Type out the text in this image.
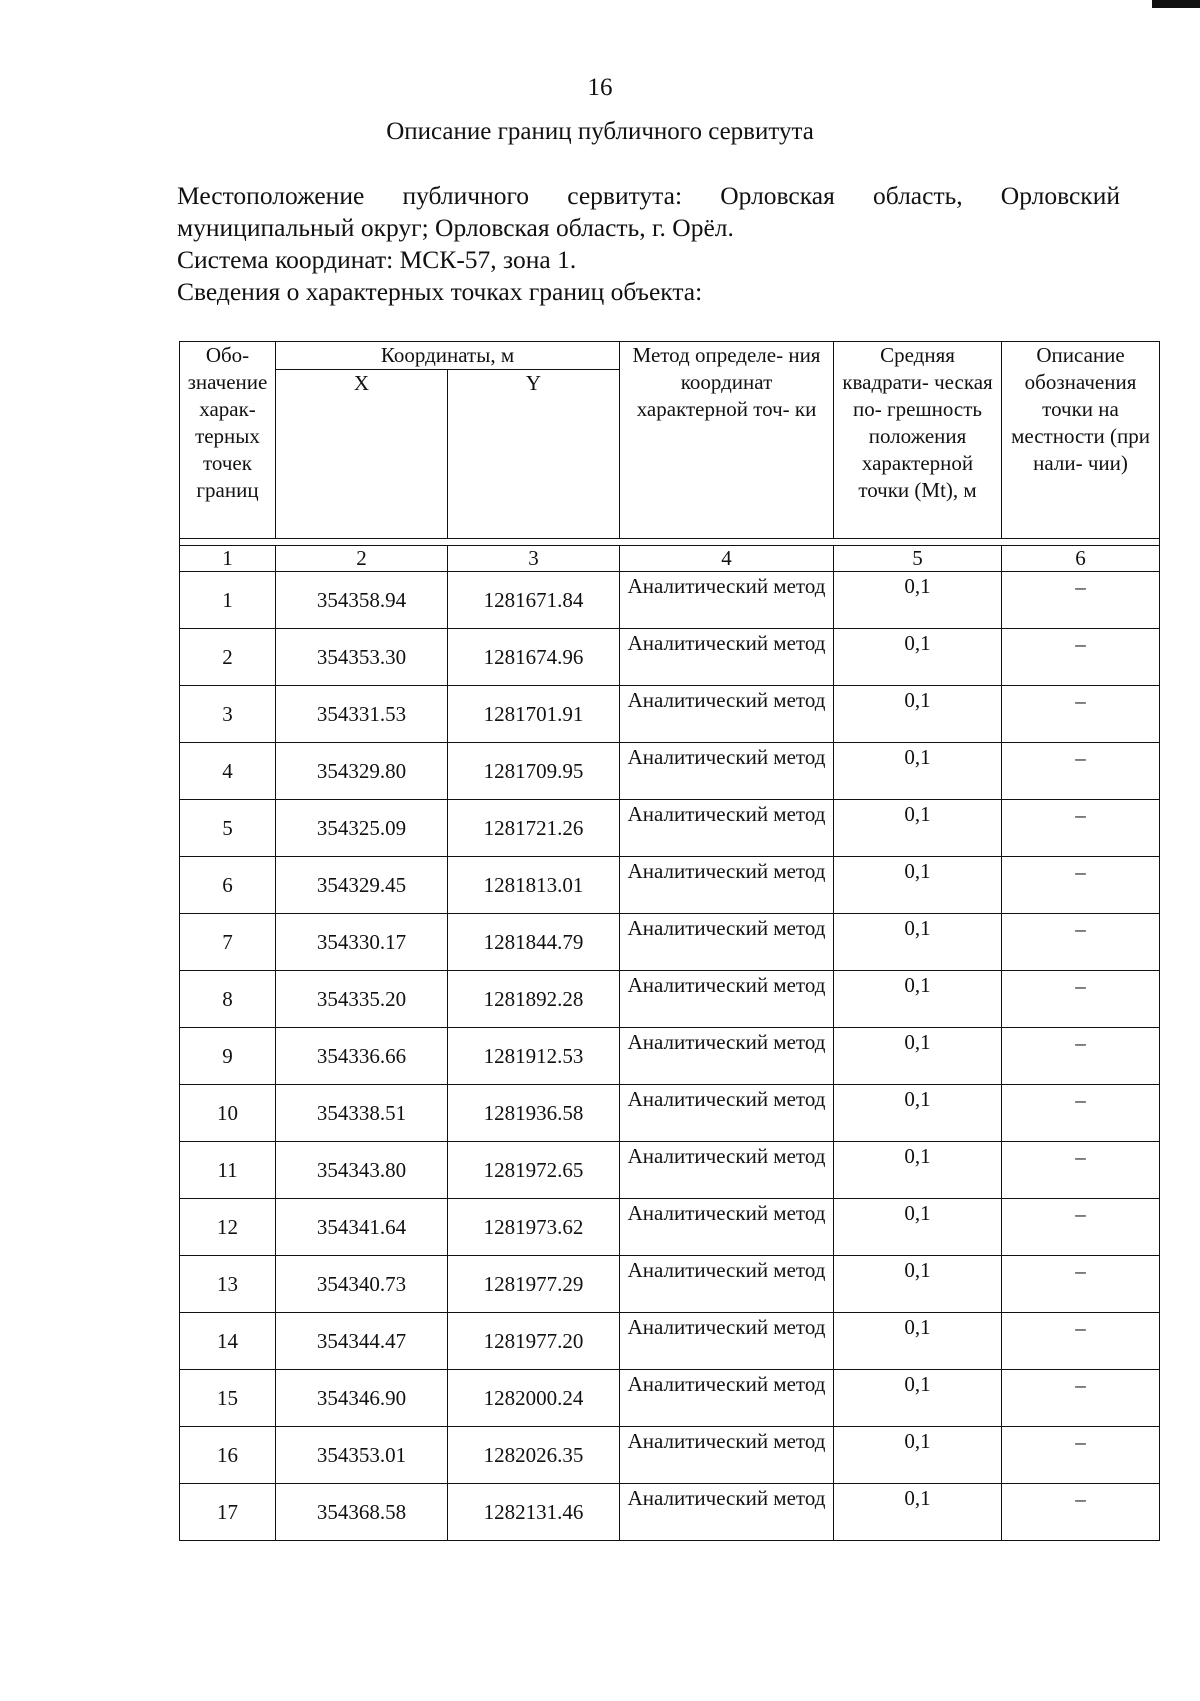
16
Описание границ публичного сервитута

Местоположение публичного сервитута: Орловская область, Орловский муниципальный округ; Орловская область, г. Орёл.

Система координат: МСК-57, зона 1.

Сведения о характерных точках границ объекта:

Обо- значение харак- терных точек границ	Координаты, м		Метод определе- ния координат характерной точ- ки	Средняя квадрати- ческая по- грешность положения характерной точки (Mt), м	Описание обозначения точки на местности (при нали- чии)
	X	Y			

1	2	3	4	5	6
1	354358.94	1281671.84	Аналитический метод	0,1	–
2	354353.30	1281674.96	Аналитический метод	0,1	–
3	354331.53	1281701.91	Аналитический метод	0,1	–
4	354329.80	1281709.95	Аналитический метод	0,1	–
5	354325.09	1281721.26	Аналитический метод	0,1	–
6	354329.45	1281813.01	Аналитический метод	0,1	–
7	354330.17	1281844.79	Аналитический метод	0,1	–
8	354335.20	1281892.28	Аналитический метод	0,1	–
9	354336.66	1281912.53	Аналитический метод	0,1	–
10	354338.51	1281936.58	Аналитический метод	0,1	–
11	354343.80	1281972.65	Аналитический метод	0,1	–
12	354341.64	1281973.62	Аналитический метод	0,1	–
13	354340.73	1281977.29	Аналитический метод	0,1	–
14	354344.47	1281977.20	Аналитический метод	0,1	–
15	354346.90	1282000.24	Аналитический метод	0,1	–
16	354353.01	1282026.35	Аналитический метод	0,1	–
17	354368.58	1282131.46	Аналитический метод	0,1	–
